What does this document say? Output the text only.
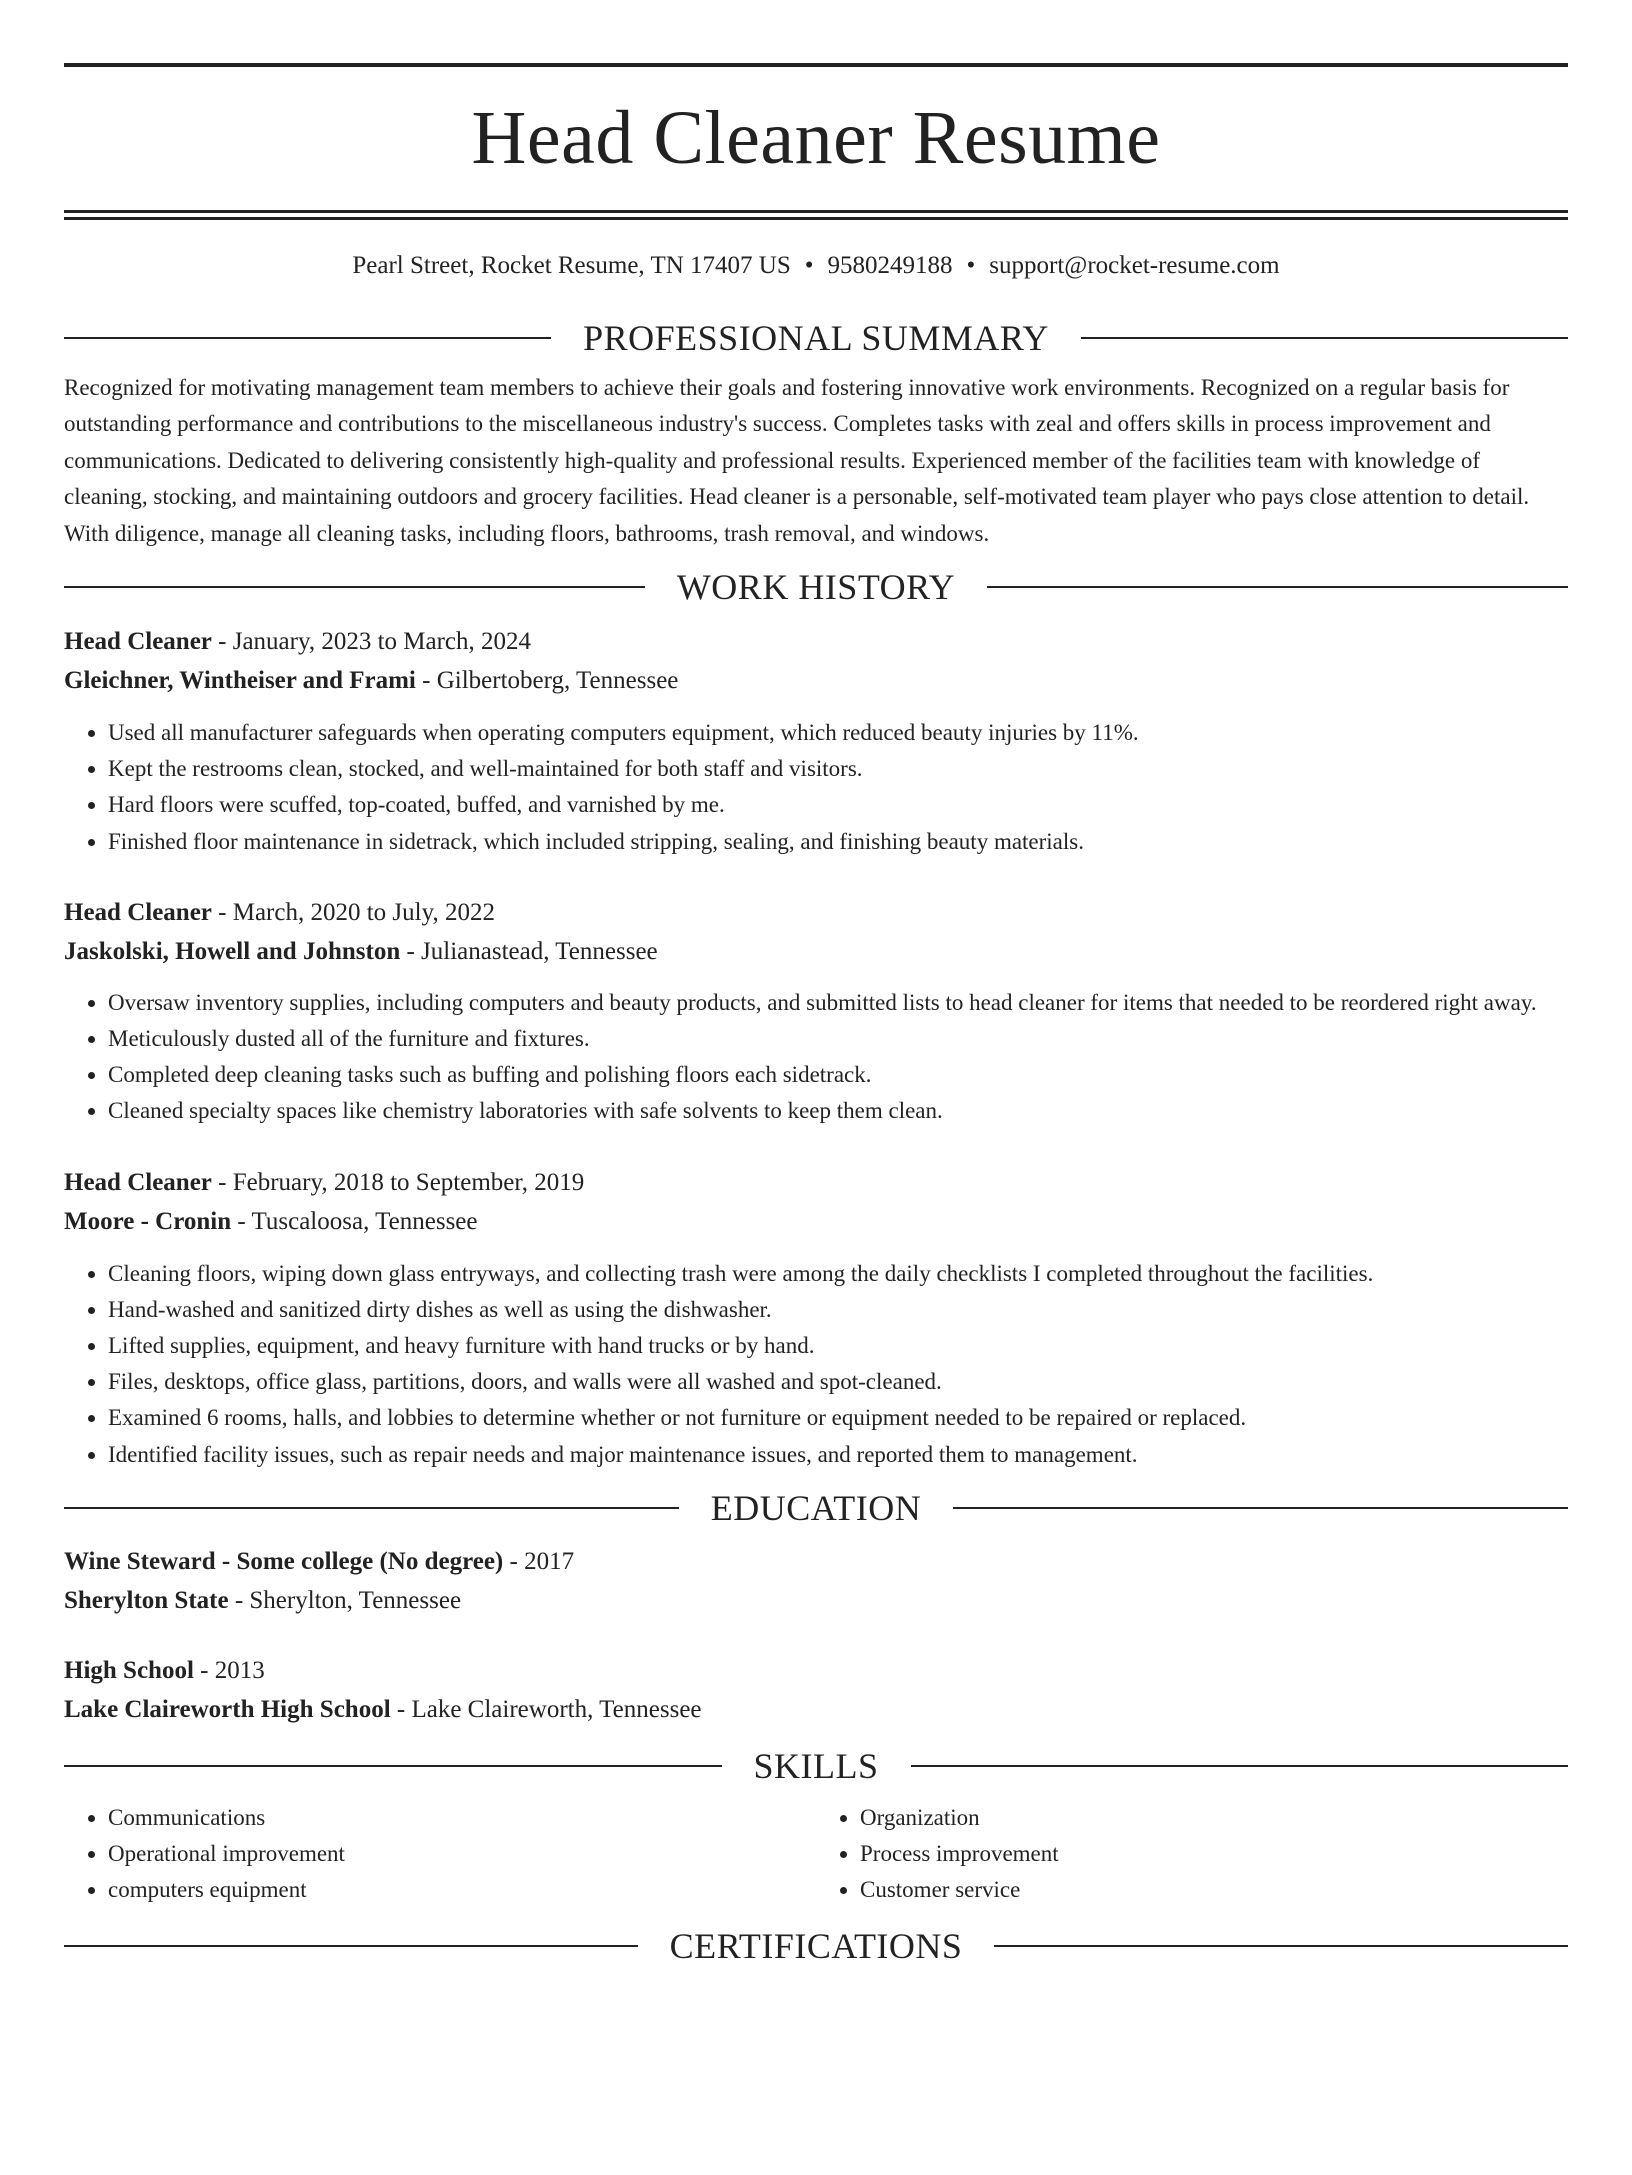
Head Cleaner Resume
Pearl Street, Rocket Resume, TN 17407 US • 9580249188 • support@rocket-resume.com
PROFESSIONAL SUMMARY

Recognized for motivating management team members to achieve their goals and fostering innovative work environments. Recognized on a regular basis for outstanding performance and contributions to the miscellaneous industry's success. Completes tasks with zeal and offers skills in process improvement and communications. Dedicated to delivering consistently high-quality and professional results. Experienced member of the facilities team with knowledge of cleaning, stocking, and maintaining outdoors and grocery facilities. Head cleaner is a personable, self-motivated team player who pays close attention to detail. With diligence, manage all cleaning tasks, including floors, bathrooms, trash removal, and windows.

WORK HISTORY
Head Cleaner - January, 2023 to March, 2024
Gleichner, Wintheiser and Frami - Gilbertoberg, Tennessee
• Used all manufacturer safeguards when operating computers equipment, which reduced beauty injuries by 11%.
• Kept the restrooms clean, stocked, and well-maintained for both staff and visitors.
• Hard floors were scuffed, top-coated, buffed, and varnished by me.
• Finished floor maintenance in sidetrack, which included stripping, sealing, and finishing beauty materials.
Head Cleaner - March, 2020 to July, 2022
Jaskolski, Howell and Johnston - Julianastead, Tennessee
• Oversaw inventory supplies, including computers and beauty products, and submitted lists to head cleaner for items that needed to be reordered right away.
• Meticulously dusted all of the furniture and fixtures.
• Completed deep cleaning tasks such as buffing and polishing floors each sidetrack.
• Cleaned specialty spaces like chemistry laboratories with safe solvents to keep them clean.
Head Cleaner - February, 2018 to September, 2019
Moore - Cronin - Tuscaloosa, Tennessee
• Cleaning floors, wiping down glass entryways, and collecting trash were among the daily checklists I completed throughout the facilities.
• Hand-washed and sanitized dirty dishes as well as using the dishwasher.
• Lifted supplies, equipment, and heavy furniture with hand trucks or by hand.
• Files, desktops, office glass, partitions, doors, and walls were all washed and spot-cleaned.
• Examined 6 rooms, halls, and lobbies to determine whether or not furniture or equipment needed to be repaired or replaced.
• Identified facility issues, such as repair needs and major maintenance issues, and reported them to management.
EDUCATION
Wine Steward - Some college (No degree) - 2017
Sherylton State - Sherylton, Tennessee
High School - 2013
Lake Claireworth High School - Lake Claireworth, Tennessee
SKILLS
• Communications
• Operational improvement
• computers equipment
• Organization
• Process improvement
• Customer service
CERTIFICATIONS
